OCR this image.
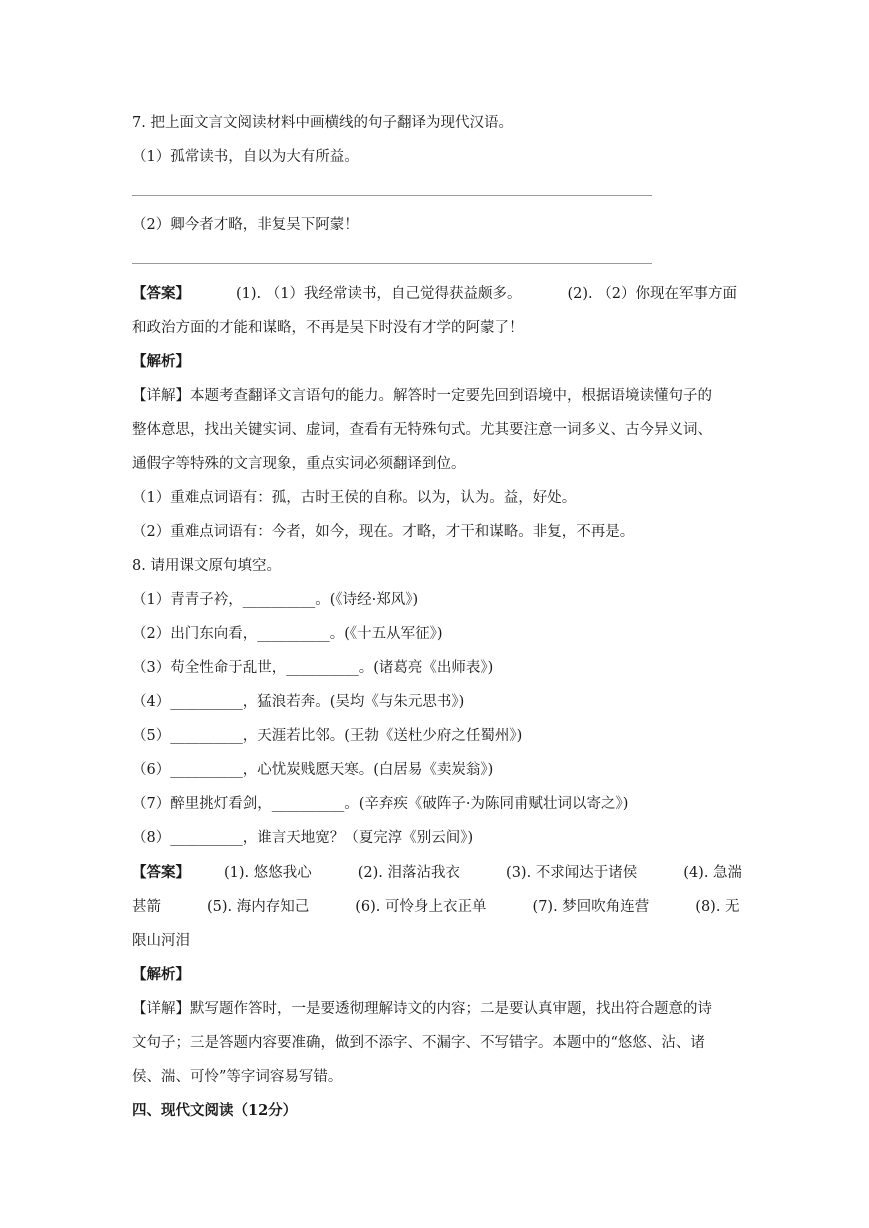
7. 把上面文言文阅读材料中画横线的句子翻译为现代汉语。
（1）孤常读书，自以为大有所益。
（2）卿今者才略，非复吴下阿蒙！
【答案】	(1). （1）我经常读书，自己觉得获益颇多。	(2). （2）你现在军事方面
和政治方面的才能和谋略，不再是吴下时没有才学的阿蒙了！
【解析】
【详解】本题考查翻译文言语句的能力。解答时一定要先回到语境中，根据语境读懂句子的
整体意思，找出关键实词、虚词，查看有无特殊句式。尤其要注意一词多义、古今异义词、
通假字等特殊的文言现象，重点实词必须翻译到位。
（1）重难点词语有：孤，古时王侯的自称。以为，认为。益，好处。
（2）重难点词语有：今者，如今，现在。才略，才干和谋略。非复，不再是。
8. 请用课文原句填空。
（1）青青子衿，__________。(《诗经·郑风》)
（2）出门东向看，__________。(《十五从军征》)
（3）苟全性命于乱世，__________。(诸葛亮《出师表》)
（4）__________，猛浪若奔。(吴均《与朱元思书》)
（5）__________，天涯若比邻。(王勃《送杜少府之任蜀州》)
（6）__________，心忧炭贱愿天寒。(白居易《卖炭翁》)
（7）醉里挑灯看剑，__________。(辛弃疾《破阵子·为陈同甫赋壮词以寄之》)
（8）__________，谁言天地宽？（夏完淳《别云间》)
【答案】 (1). 悠悠我心	(2). 泪落沾我衣	(3). 不求闻达于诸侯	(4). 急湍
甚箭	(5). 海内存知己	(6). 可怜身上衣正单	(7). 梦回吹角连营	(8). 无
限山河泪
【解析】
【详解】默写题作答时，一是要透彻理解诗文的内容；二是要认真审题，找出符合题意的诗
文句子；三是答题内容要准确，做到不添字、不漏字、不写错字。本题中的“悠悠、沾、诸
侯、湍、可怜”等字词容易写错。
四、现代文阅读（12分）
